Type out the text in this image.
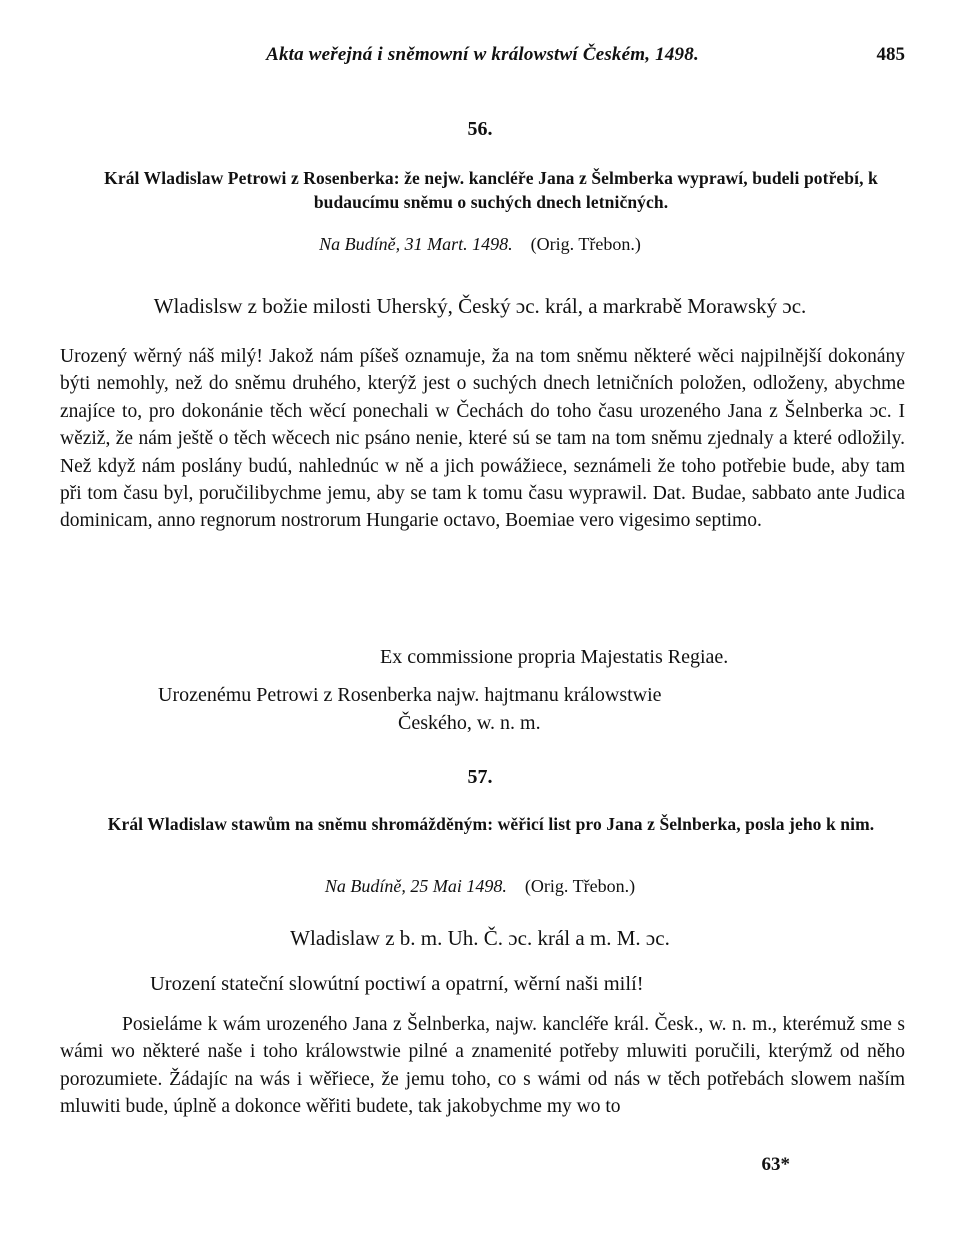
Akta weřejná i sněmowní w králowstwí Českém, 1498.	485
56.
Král Wladislaw Petrowi z Rosenberka: že nejw. kancléře Jana z Šelmberka wyprawí, budeli potřebí, k budaucímu sněmu o suchých dnech letničných.
Na Budíně, 31 Mart. 1498. (Orig. Třebon.)
Wladislsw z božie milosti Uherský, Český ɔc. král, a markrabě Morawský ɔc.

Urozený wěrný náš milý! Jakož nám píšeš oznamuje, ža na tom sněmu některé wěci najpilnější dokonány býti nemohly, než do sněmu druhého, kterýž jest o suchých dnech letničních položen, odloženy, abychme znajíce to, pro dokonánie těch wěcí ponechali w Čechách do toho času urozeného Jana z Šelnberka ɔc. I wěziž, že nám ještě o těch wěcech nic psáno nenie, které sú se tam na tom sněmu zjednaly a které odložily. Než když nám poslány budú, nahlednúc w ně a jich powážiece, seznámeli že toho potřebie bude, aby tam při tom času byl, poručilibychme jemu, aby se tam k tomu času wyprawil. Dat. Budae, sabbato ante Judica dominicam, anno regnorum nostrorum Hungarie octavo, Boemiae vero vigesimo septimo.

Ex commissione propria Majestatis Regiae.
Urozenému Petrowi z Rosenberka najw. hajtmanu králowstwie
Českého, w. n. m.
57.
Král Wladislaw stawům na sněmu shromážděným: wěřicí list pro Jana z Šelnberka, posla jeho k nim.
Na Budíně, 25 Mai 1498. (Orig. Třebon.)
Wladislaw z b. m. Uh. Č. ɔc. král a m. M. ɔc.
Urození stateční slowútní poctiwí a opatrní, wěrní naši milí!

Posieláme k wám urozeného Jana z Šelnberka, najw. kancléře král. Česk., w. n. m., kterémuž sme s wámi wo některé naše i toho králowstwie pilné a znamenité potřeby mluwiti poručili, kterýmž od něho porozumiete. Žádajíc na wás i wěřiece, že jemu toho, co s wámi od nás w těch potřebách slowem naším mluwiti bude, úplně a dokonce wěřiti budete, tak jakobychme my wo to

63*
